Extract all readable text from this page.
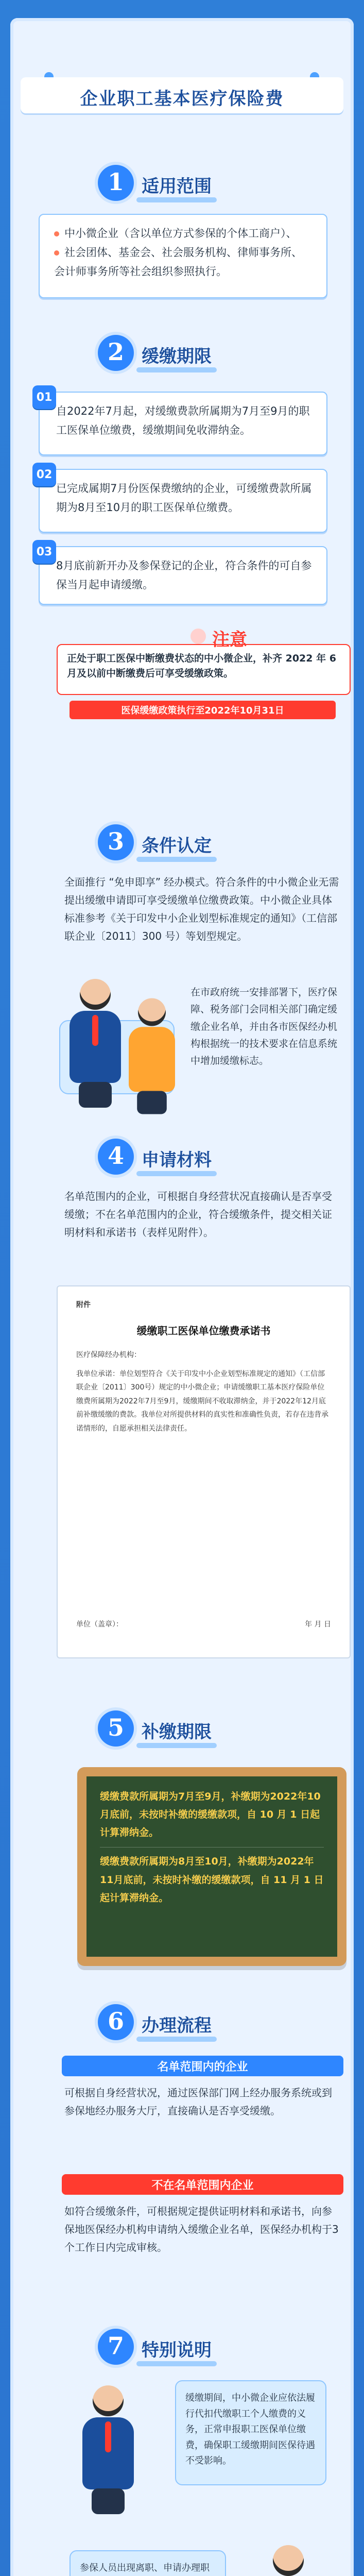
企业职工基本医疗保险费
1	适用范围
中小微企业（含以单位方式参保的个体工商户）、
社会团体、基金会、社会服务机构、律师事务所、会计师事务所等社会组织参照执行。
2	缓缴期限
01
自2022年7月起，对缓缴费款所属期为7月至9月的职工医保单位缴费，缓缴期间免收滞纳金。
02
已完成属期7月份医保费缴纳的企业，可缓缴费款所属期为8月至10月的职工医保单位缴费。
03
8月底前新开办及参保登记的企业，符合条件的可自参保当月起申请缓缴。
注意
正处于职工医保中断缴费状态的中小微企业，补齐 2022 年 6 月及以前中断缴费后可享受缓缴政策。
医保缓缴政策执行至2022年10月31日
3	条件认定
全面推行 “免申即享” 经办模式。符合条件的中小微企业无需提出缓缴申请即可享受缓缴单位缴费政策。中小微企业具体标准参考《关于印发中小企业划型标准规定的通知》（工信部联企业〔2011〕300 号）等划型规定。
在市政府统一安排部署下，医疗保障、税务部门会同相关部门确定缓缴企业名单，并由各市医保经办机构根据统一的技术要求在信息系统中增加缓缴标志。
4	申请材料
名单范围内的企业，可根据自身经营状况直接确认是否享受缓缴；不在名单范围内的企业，符合缓缴条件，提交相关证明材料和承诺书（表样见附件）。
附件
缓缴职工医保单位缴费承诺书
医疗保障经办机构：
我单位承诺：单位划型符合《关于印发中小企业划型标准规定的通知》（工信部联企业〔2011〕300号）规定的中小微企业；申请缓缴职工基本医疗保险单位缴费所属期为2022年7月至9月，缓缴期间不收取滞纳金，并于2022年12月底前补缴缓缴的费款。我单位对所提供材料的真实性和准确性负责，若存在违背承诺情形的，自愿承担相关法律责任。
单位（盖章）：	年 月 日
5	补缴期限
缓缴费款所属期为7月至9月，补缴期为2022年10月底前，未按时补缴的缓缴款项，自 10 月 1 日起计算滞纳金。
缓缴费款所属期为8月至10月，补缴期为2022年11月底前，未按时补缴的缓缴款项，自 11 月 1 日起计算滞纳金。
6	办理流程
名单范围内的企业
可根据自身经营状况，通过医保部门网上经办服务系统或到参保地经办服务大厅，直接确认是否享受缓缴。
不在名单范围内企业
如符合缓缴条件，可根据规定提供证明材料和承诺书，向参保地医保经办机构申请纳入缓缴企业名单，医保经办机构于3个工作日内完成审核。
7	特别说明
缓缴期间，中小微企业应依法履行代扣代缴职工个人缴费的义务，正常申报职工医保单位缴费，确保职工缓缴期间医保待遇不受影响。
参保人员出现离职、申请办理职
